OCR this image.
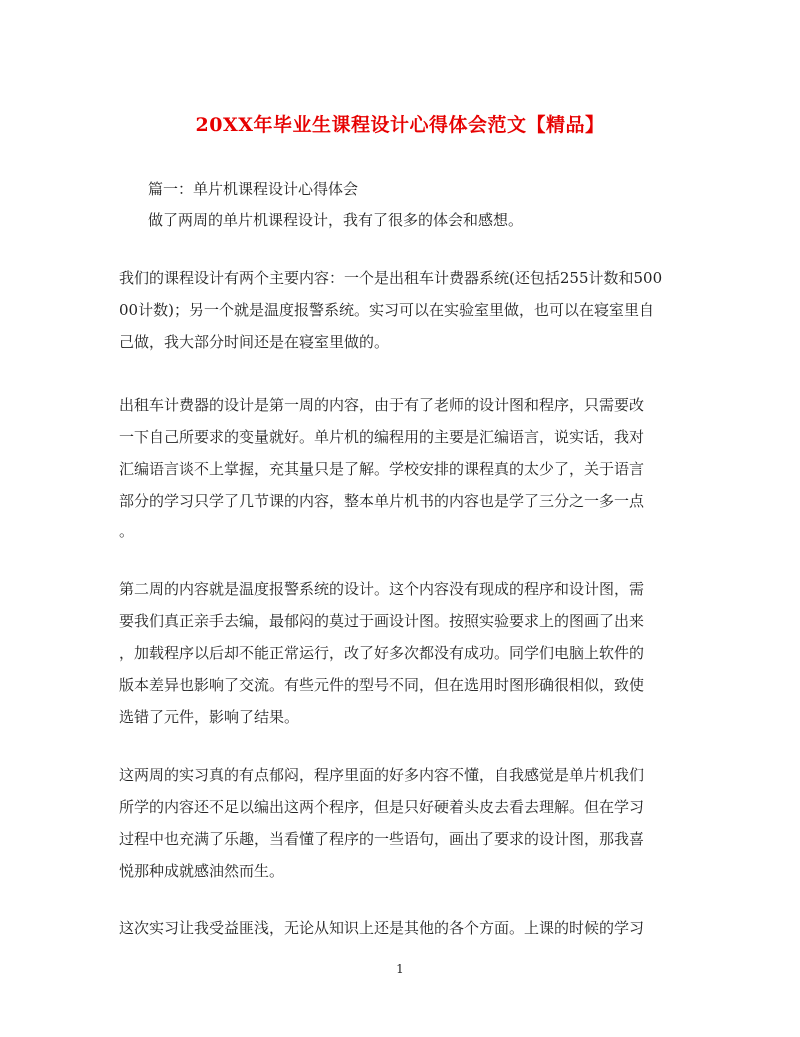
20XX年毕业生课程设计心得体会范文【精品】
篇一：单片机课程设计心得体会
做了两周的单片机课程设计，我有了很多的体会和感想。
我们的课程设计有两个主要内容：一个是出租车计费器系统(还包括255计数和500
00计数)；另一个就是温度报警系统。实习可以在实验室里做，也可以在寝室里自
己做，我大部分时间还是在寝室里做的。
出租车计费器的设计是第一周的内容，由于有了老师的设计图和程序，只需要改
一下自己所要求的变量就好。单片机的编程用的主要是汇编语言，说实话，我对
汇编语言谈不上掌握，充其量只是了解。学校安排的课程真的太少了，关于语言
部分的学习只学了几节课的内容，整本单片机书的内容也是学了三分之一多一点
。
第二周的内容就是温度报警系统的设计。这个内容没有现成的程序和设计图，需
要我们真正亲手去编，最郁闷的莫过于画设计图。按照实验要求上的图画了出来
，加载程序以后却不能正常运行，改了好多次都没有成功。同学们电脑上软件的
版本差异也影响了交流。有些元件的型号不同，但在选用时图形确很相似，致使
选错了元件，影响了结果。
这两周的实习真的有点郁闷，程序里面的好多内容不懂，自我感觉是单片机我们
所学的内容还不足以编出这两个程序，但是只好硬着头皮去看去理解。但在学习
过程中也充满了乐趣，当看懂了程序的一些语句，画出了要求的设计图，那我喜
悦那种成就感油然而生。
这次实习让我受益匪浅，无论从知识上还是其他的各个方面。上课的时候的学习
1
